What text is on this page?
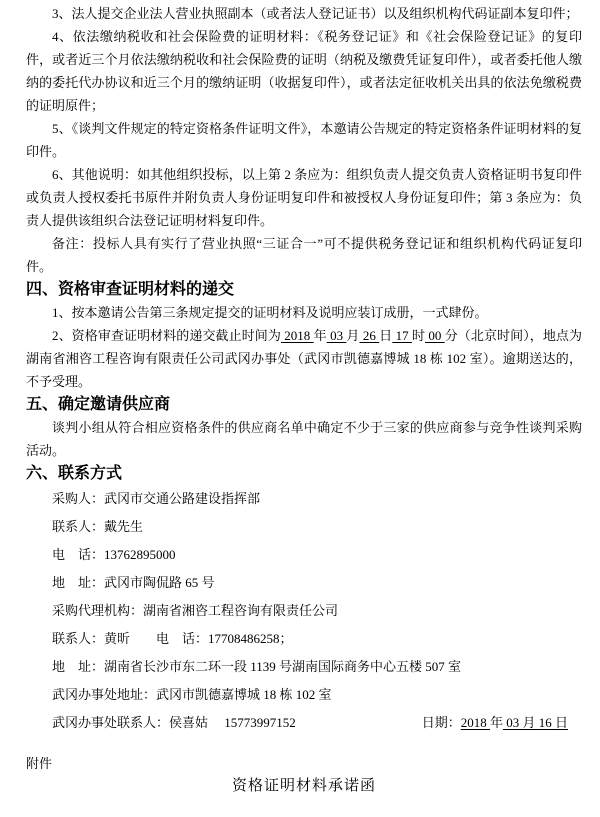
3、法人提交企业法人营业执照副本（或者法人登记证书）以及组织机构代码证副本复印件；
4、依法缴纳税收和社会保险费的证明材料：《税务登记证》和《社会保险登记证》的复印件，或者近三个月依法缴纳税收和社会保险费的证明（纳税及缴费凭证复印件），或者委托他人缴纳的委托代办协议和近三个月的缴纳证明（收据复印件），或者法定征收机关出具的依法免缴税费的证明原件；
5、《谈判文件规定的特定资格条件证明文件》，本邀请公告规定的特定资格条件证明材料的复印件。
6、其他说明：如其他组织投标，以上第 2 条应为：组织负责人提交负责人资格证明书复印件或负责人授权委托书原件并附负责人身份证明复印件和被授权人身份证复印件；第 3 条应为：负责人提供该组织合法登记证明材料复印件。
备注：投标人具有实行了营业执照“三证合一”可不提供税务登记证和组织机构代码证复印件。
四、资格审查证明材料的递交
1、按本邀请公告第三条规定提交的证明材料及说明应装订成册，一式肆份。
2、资格审查证明材料的递交截止时间为 2018 年 03 月 26 日 17 时 00 分（北京时间），地点为湖南省湘咨工程咨询有限责任公司武冈办事处（武冈市凯德嘉博城 18 栋 102 室）。逾期送达的，不予受理。
五、确定邀请供应商
谈判小组从符合相应资格条件的供应商名单中确定不少于三家的供应商参与竞争性谈判采购活动。
六、联系方式
采购人：武冈市交通公路建设指挥部
联系人：戴先生
电　话：13762895000
地　址：武冈市陶侃路 65 号
采购代理机构：湖南省湘咨工程咨询有限责任公司
联系人：黄昕　　电　话：17708486258；
地　址：湖南省长沙市东二环一段 1139 号湖南国际商务中心五楼 507 室
武冈办事处地址：武冈市凯德嘉博城 18 栋 102 室
武冈办事处联系人：侯喜姑　 15773997152	日期：2018 年 03 月 16 日
附件
资格证明材料承诺函
